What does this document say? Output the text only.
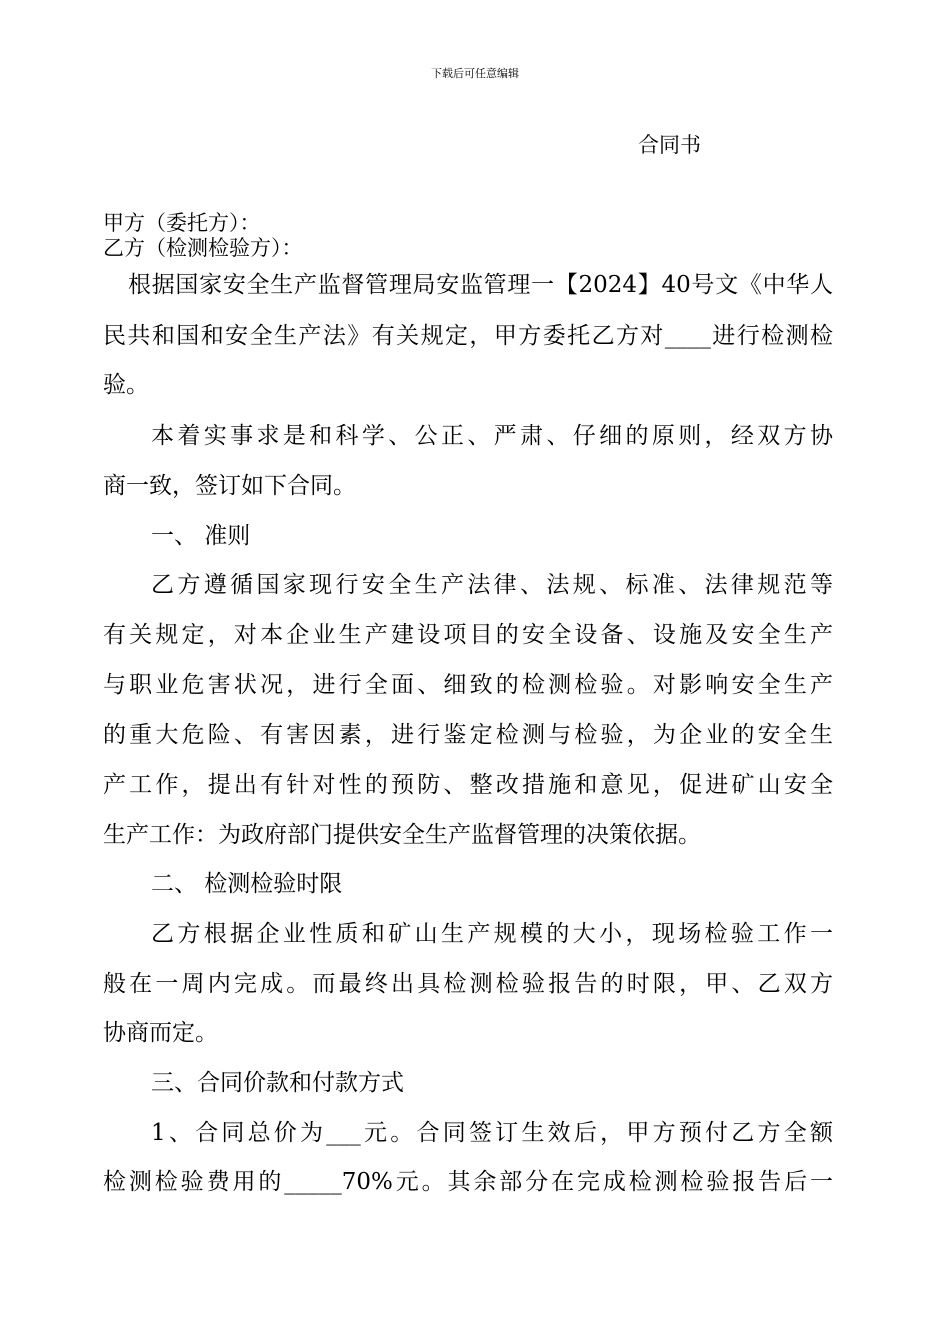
下载后可任意编辑
合同书
甲方（委托方）：
乙方（检测检验方）：
根据国家安全生产监督管理局安监管理一【2024】40号文《中华人
民共和国和安全生产法》有关规定，甲方委托乙方对____进行检测检
验。
本着实事求是和科学、公正、严肃、仔细的原则，经双方协
商一致，签订如下合同。
一、 准则
乙方遵循国家现行安全生产法律、法规、标准、法律规范等
有关规定，对本企业生产建设项目的安全设备、设施及安全生产
与职业危害状况，进行全面、细致的检测检验。对影响安全生产
的重大危险、有害因素，进行鉴定检测与检验，为企业的安全生
产工作，提出有针对性的预防、整改措施和意见，促进矿山安全
生产工作：为政府部门提供安全生产监督管理的决策依据。
二、 检测检验时限
乙方根据企业性质和矿山生产规模的大小，现场检验工作一
般在一周内完成。而最终出具检测检验报告的时限，甲、乙双方
协商而定。
三、合同价款和付款方式
1、合同总价为___元。合同签订生效后，甲方预付乙方全额
检测检验费用的_____70%元。其余部分在完成检测检验报告后一
